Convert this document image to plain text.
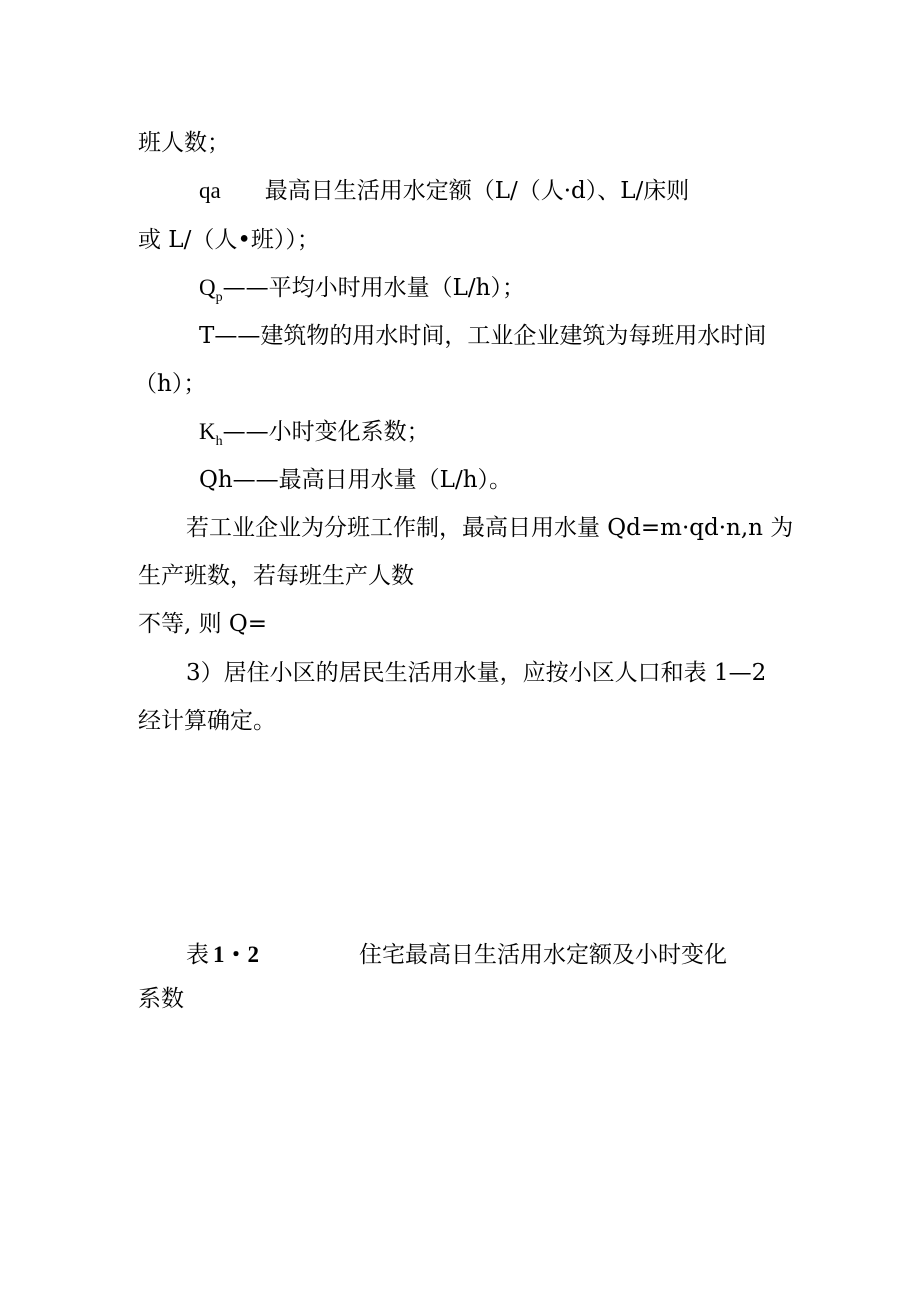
班人数；
qa 最高日生活用水定额（L/（人·d）、L/床则
或 L/（人•班））；
$Q_p——$平均小时用水量（L/h）；
T——建筑物的用水时间，工业企业建筑为每班用水时间
（h）；
$K_h——$小时变化系数；
Qh——最高日用水量（L/h）。
若工业企业为分班工作制，最高日用水量 Qd=m·qd·n,n 为
生产班数，若每班生产人数
不等, 则 Q=
3）居住小区的居民生活用水量，应按小区人口和表 1—2
经计算确定。
表 1・2	住宅最高日生活用水定额及小时变化
系数
